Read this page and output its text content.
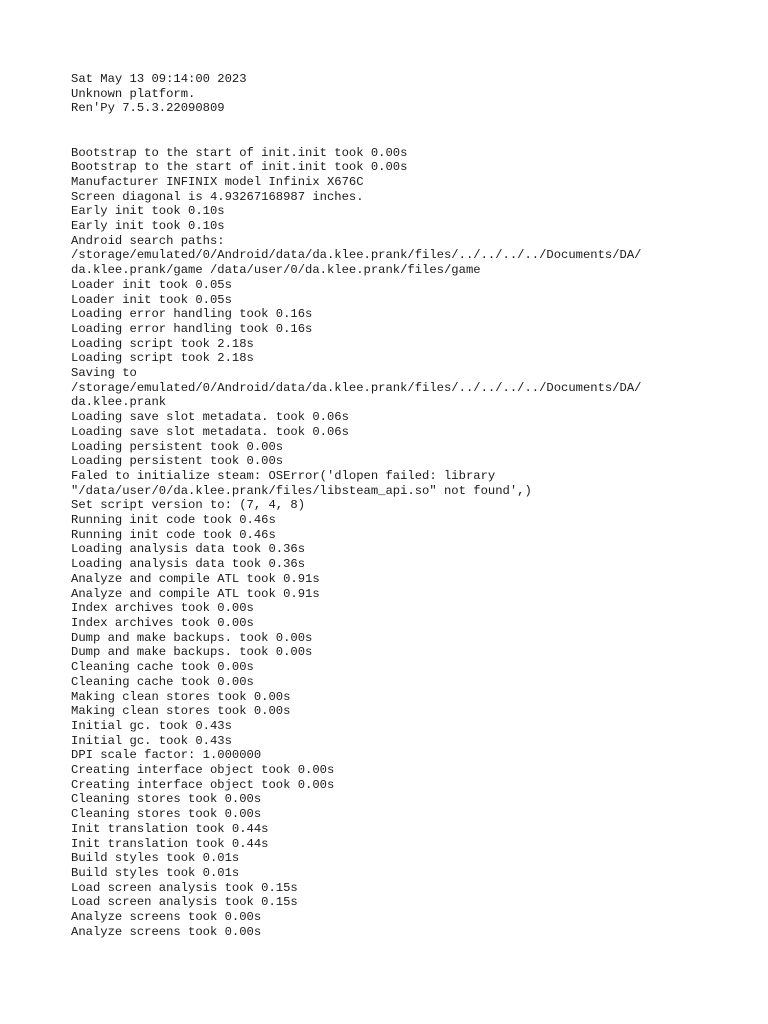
Sat May 13 09:14:00 2023
Unknown platform.
Ren'Py 7.5.3.22090809
Bootstrap to the start of init.init took 0.00s
Bootstrap to the start of init.init took 0.00s
Manufacturer INFINIX model Infinix X676C
Screen diagonal is 4.93267168987 inches.
Early init took 0.10s
Early init took 0.10s
Android search paths:
/storage/emulated/0/Android/data/da.klee.prank/files/../../../../Documents/DA/
da.klee.prank/game /data/user/0/da.klee.prank/files/game
Loader init took 0.05s
Loader init took 0.05s
Loading error handling took 0.16s
Loading error handling took 0.16s
Loading script took 2.18s
Loading script took 2.18s
Saving to
/storage/emulated/0/Android/data/da.klee.prank/files/../../../../Documents/DA/
da.klee.prank
Loading save slot metadata. took 0.06s
Loading save slot metadata. took 0.06s
Loading persistent took 0.00s
Loading persistent took 0.00s
Faled to initialize steam: OSError('dlopen failed: library
"/data/user/0/da.klee.prank/files/libsteam_api.so" not found',)
Set script version to: (7, 4, 8)
Running init code took 0.46s
Running init code took 0.46s
Loading analysis data took 0.36s
Loading analysis data took 0.36s
Analyze and compile ATL took 0.91s
Analyze and compile ATL took 0.91s
Index archives took 0.00s
Index archives took 0.00s
Dump and make backups. took 0.00s
Dump and make backups. took 0.00s
Cleaning cache took 0.00s
Cleaning cache took 0.00s
Making clean stores took 0.00s
Making clean stores took 0.00s
Initial gc. took 0.43s
Initial gc. took 0.43s
DPI scale factor: 1.000000
Creating interface object took 0.00s
Creating interface object took 0.00s
Cleaning stores took 0.00s
Cleaning stores took 0.00s
Init translation took 0.44s
Init translation took 0.44s
Build styles took 0.01s
Build styles took 0.01s
Load screen analysis took 0.15s
Load screen analysis took 0.15s
Analyze screens took 0.00s
Analyze screens took 0.00s
